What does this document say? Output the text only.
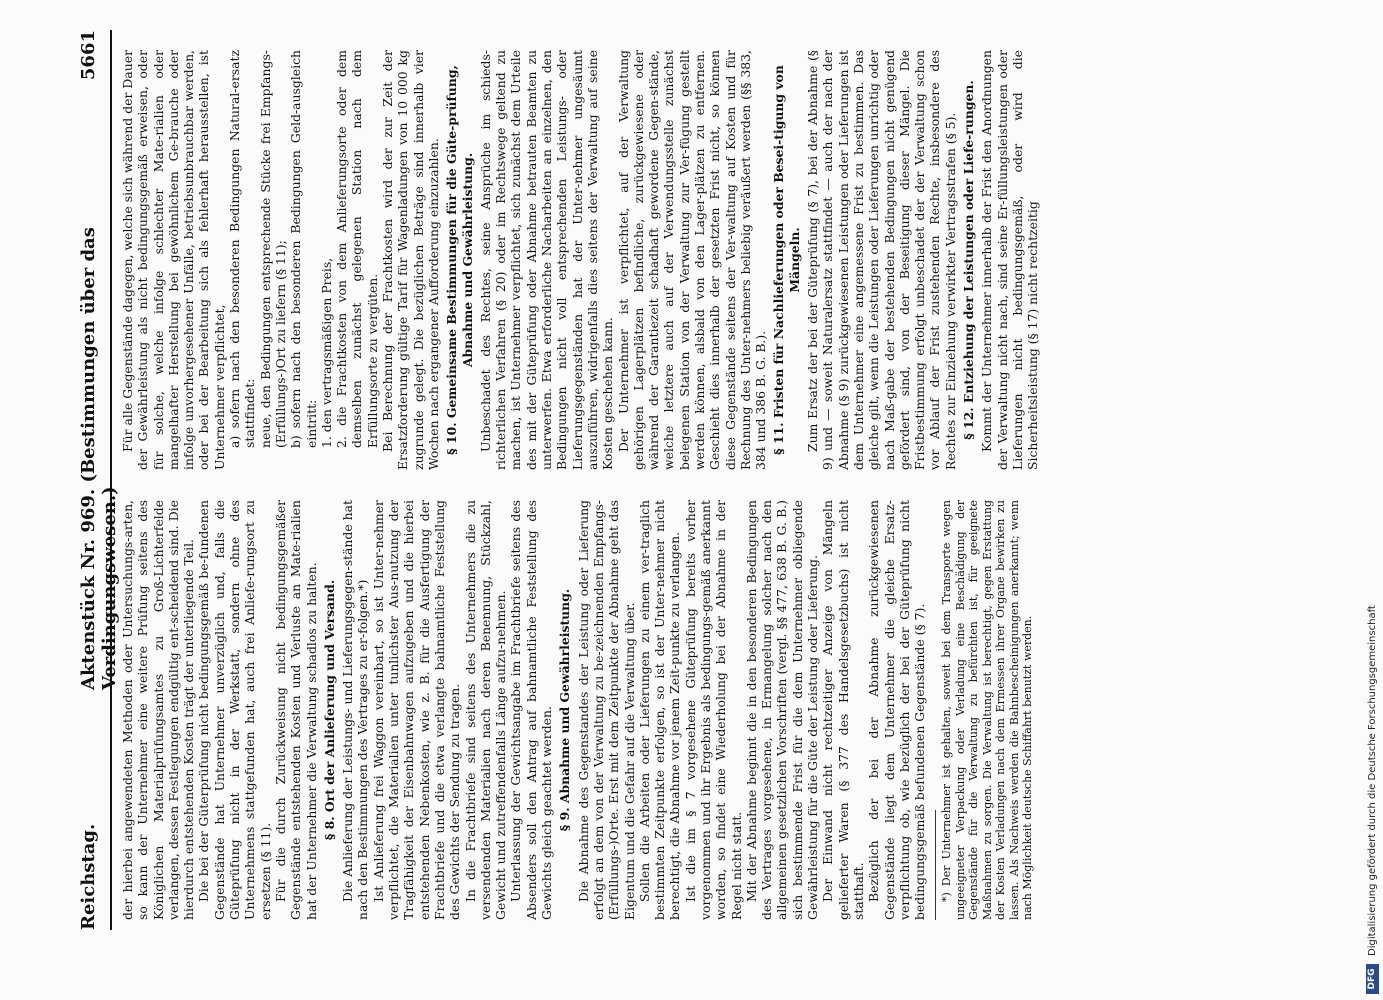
Reichstag.
Aktenstück Nr. 969. (Bestimmungen über das Verdingungswesen.)
5661

der hierbei angewendeten Methoden oder Untersuchungs-arten, so kann der Unternehmer eine weitere Prüfung seitens des Königlichen Materialprüfungsamtes zu Groß-Lichterfelde verlangen, dessen Festlegungen endgültig ent-scheidend sind. Die hierdurch entstehenden Kosten trägt der unterliegende Teil. Die bei der Güterprüfung nicht bedingungsgemäß be-fundenen Gegenstände hat Unternehmer unverzüglich und, falls die Güteprüfung nicht in der Werkstatt, sondern ohne des Unternehmens stattgefunden hat, auch frei Anliefe-rungsort zu ersetzen (§ 11). Für die durch Zurückweisung nicht bedingungsgemäßer Gegenstände entstehenden Kosten und Verluste an Mate-rialien hat der Unternehmer die Verwaltung schadlos zu halten. § 8. Ort der Anlieferung und Versand. Die Anlieferung der Leistungs- und Lieferungsgegen-stände hat nach den Bestimmungen des Vertrages zu er-folgen.*) Ist Anlieferung frei Waggon vereinbart, so ist Unter-nehmer verpflichtet, die Materialien unter tunlichster Aus-nutzung der Tragfähigkeit der Eisenbahnwagen aufzugeben und die hierbei entstehenden Nebenkosten, wie z. B. für die Ausfertigung der Frachtbriefe und die etwa verlangte bahnamtliche Feststellung des Gewichts der Sendung zu tragen. In die Frachtbriefe sind seitens des Unternehmers die zu versendenden Materialien nach deren Benennung, Stückzahl, Gewicht und zutreffendenfalls Länge aufzu-nehmen. Unterlassung der Gewichtsangabe im Frachtbriefe seitens des Absenders soll den Antrag auf bahnamtliche Feststellung des Gewichts gleich geachtet werden. § 9. Abnahme und Gewährleistung. Die Abnahme des Gegenstandes der Leistung oder Lieferung erfolgt an dem von der Verwaltung zu be-zeichnenden Empfangs-(Erfüllungs-)Orte. Erst mit dem Zeitpunkte der Abnahme geht das Eigentum und die Gefahr auf die Verwaltung über. Sollen die Arbeiten oder Lieferungen zu einem ver-traglich bestimmten Zeitpunkte erfolgen, so ist der Unter-nehmer nicht berechtigt, die Abnahme vor jenem Zeit-punkte zu verlangen. Ist die im § 7 vorgesehene Güteprüfung bereits vorher vorgenommen und ihr Ergebnis als bedingungs-gemäß anerkannt worden, so findet eine Wiederholung bei der Abnahme in der Regel nicht statt. Mit der Abnahme beginnt die in den besonderen Bedingungen des Vertrages vorgesehene, in Ermangelung solcher nach den allgemeinen gesetzlichen Vorschriften (vergl. §§ 477, 638 B. G. B.) sich bestimmende Frist für die dem Unternehmer obliegende Gewährleistung für die Güte der Leistung oder Lieferung. Der Einwand nicht rechtzeitiger Anzeige von Mängeln gelieferter Waren (§ 377 des Handelsgesetzbuchs) ist nicht statthaft. Bezüglich der bei der Abnahme zurückgewiesenen Gegenstände liegt dem Unternehmer die gleiche Ersatz-verpflichtung ob, wie bezüglich der bei der Güteprüfung nicht bedingungsgemäß befundenen Gegenstände (§ 7). *) Der Unternehmer ist gehalten, soweit bei dem Transporte wegen ungeeigneter Verpackung oder Verladung eine Beschädigung der Gegenstände für die Verwaltung zu befürchten ist, für geeignete Maßnahmen zu sorgen. Die Verwaltung ist berechtigt, gegen Erstattung der Kosten Verladungen nach dem Ermessen ihrer Organe bewirken zu lassen. Als Nachweis werden die Bahnbescheinigungen anerkannt; wenn nach Möglichkeit deutsche Schiffahrt benutzt werden.

Für alle Gegenstände dagegen, welche sich während der Dauer der Gewährleistung als nicht bedingungsgemäß erweisen, oder für solche, welche infolge schlechter Mate-rialien oder mangelhafter Herstellung bei gewöhnlichem Ge-brauche oder infolge unvorhergesehener Unfälle, betriebsunbrauchbar werden, oder bei der Bearbeitung sich als fehlerhaft herausstellen, ist Unternehmer verpflichtet, a) sofern nach den besonderen Bedingungen Natural-ersatz stattfindet: neue, den Bedingungen entsprechende Stücke frei Empfangs-(Erfüllungs-)Ort zu liefern (§ 11); b) sofern nach den besonderen Bedingungen Geld-ausgleich eintritt: 1. den vertragsmäßigen Preis, 2. die Frachtkosten von dem Anlieferungsorte oder dem demselben zunächst gelegenen Station nach dem Erfüllungsorte zu vergüten. Bei Berechnung der Frachtkosten wird der zur Zeit der Ersatzforderung gültige Tarif für Wagenladungen von 10 000 kg zugrunde gelegt. Die bezüglichen Beträge sind innerhalb vier Wochen nach ergangener Aufforderung einzuzahlen. § 10. Gemeinsame Bestimmungen für die Güte-prüfung, Abnahme und Gewährleistung. Unbeschadet des Rechtes, seine Ansprüche im schieds-richterlichen Verfahren (§ 20) oder im Rechtswege geltend zu machen, ist Unternehmer verpflichtet, sich zunächst dem Urteile des mit der Güteprüfung oder Abnahme betrauten Beamten zu unterwerfen. Etwa erforderliche Nacharbeiten an einzelnen, den Bedingungen nicht voll entsprechenden Leistungs- oder Lieferungsgegenständen hat der Unter-nehmer ungesäumt auszuführen, widrigenfalls dies seitens der Verwaltung auf seine Kosten geschehen kann. Der Unternehmer ist verpflichtet, auf der Verwaltung gehörigen Lagerplätzen befindliche, zurückgewiesene oder während der Garantiezeit schadhaft gewordene Gegen-stände, welche letztere auch auf der Verwendungsstelle zunächst belegenen Station von der Verwaltung zur Ver-fügung gestellt werden können, alsbald von den Lager-plätzen zu entfernen. Geschieht dies innerhalb der gesetzten Frist nicht, so können diese Gegenstände seitens der Ver-waltung auf Kosten und für Rechnung des Unter-nehmers beliebig veräußert werden (§§ 383, 384 und 386 B. G. B.). § 11. Fristen für Nachlieferungen oder Besei-tigung von Mängeln. Zum Ersatz der bei der Güteprüfung (§ 7), bei der Abnahme (§ 9) und — soweit Naturalersatz stattfindet — auch der nach der Abnahme (§ 9) zurückgewiesenen Leistungen oder Lieferungen ist dem Unternehmer eine angemessene Frist zu bestimmen. Das gleiche gilt, wenn die Leistungen oder Lieferungen unrichtig oder nach Maß-gabe der bestehenden Bedingungen nicht genügend gefördert sind, von der Beseitigung dieser Mängel. Die Fristbestimmung erfolgt unbeschadet der der Verwaltung schon vor Ablauf der Frist zustehenden Rechte, insbesondere des Rechtes zur Einziehung verwirkter Vertragsstrafen (§ 5). § 12. Entziehung der Leistungen oder Liefe-rungen. Kommt der Unternehmer innerhalb der Frist den Anordnungen der Verwaltung nicht nach, sind seine Er-füllungsleistungen oder Lieferungen nicht bedingungsgemäß, oder wird die Sicherheitsleistung (§ 17) nicht rechtzeitig

DFG
Digitalisierung gefördert durch die Deutsche Forschungsgemeinschaft
